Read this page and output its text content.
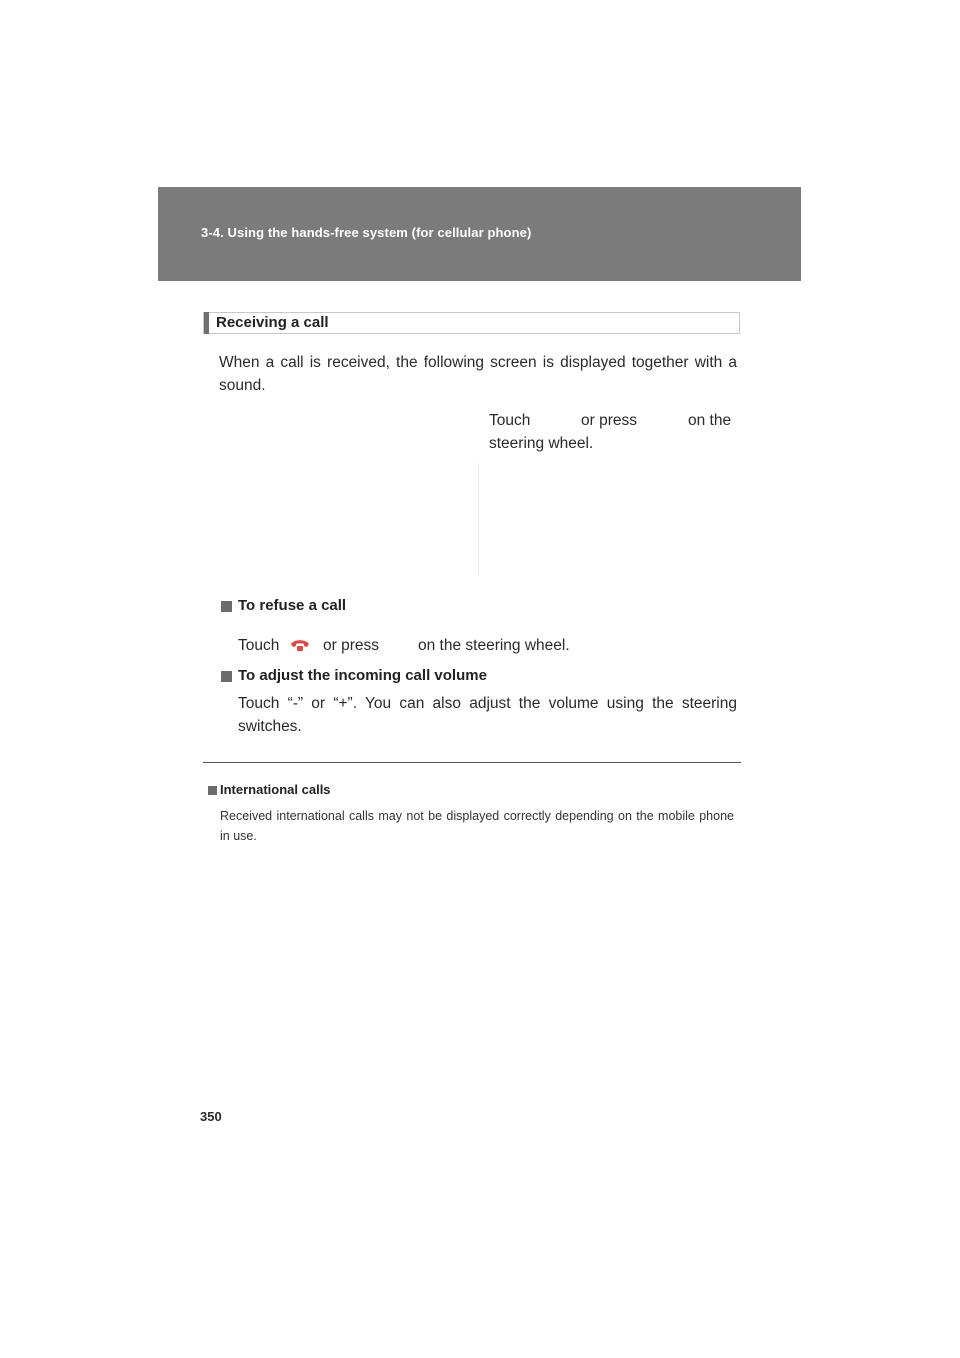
3-4. Using the hands-free system (for cellular phone)
Receiving a call
When a call is received, the following screen is displayed together with a sound.
Touch	or press	on the
steering wheel.
To refuse a call
Touch	or press	on the steering wheel.
To adjust the incoming call volume
Touch “-” or “+”. You can also adjust the volume using the steering switches.
International calls
Received international calls may not be displayed correctly depending on the mobile phone in use.
350
